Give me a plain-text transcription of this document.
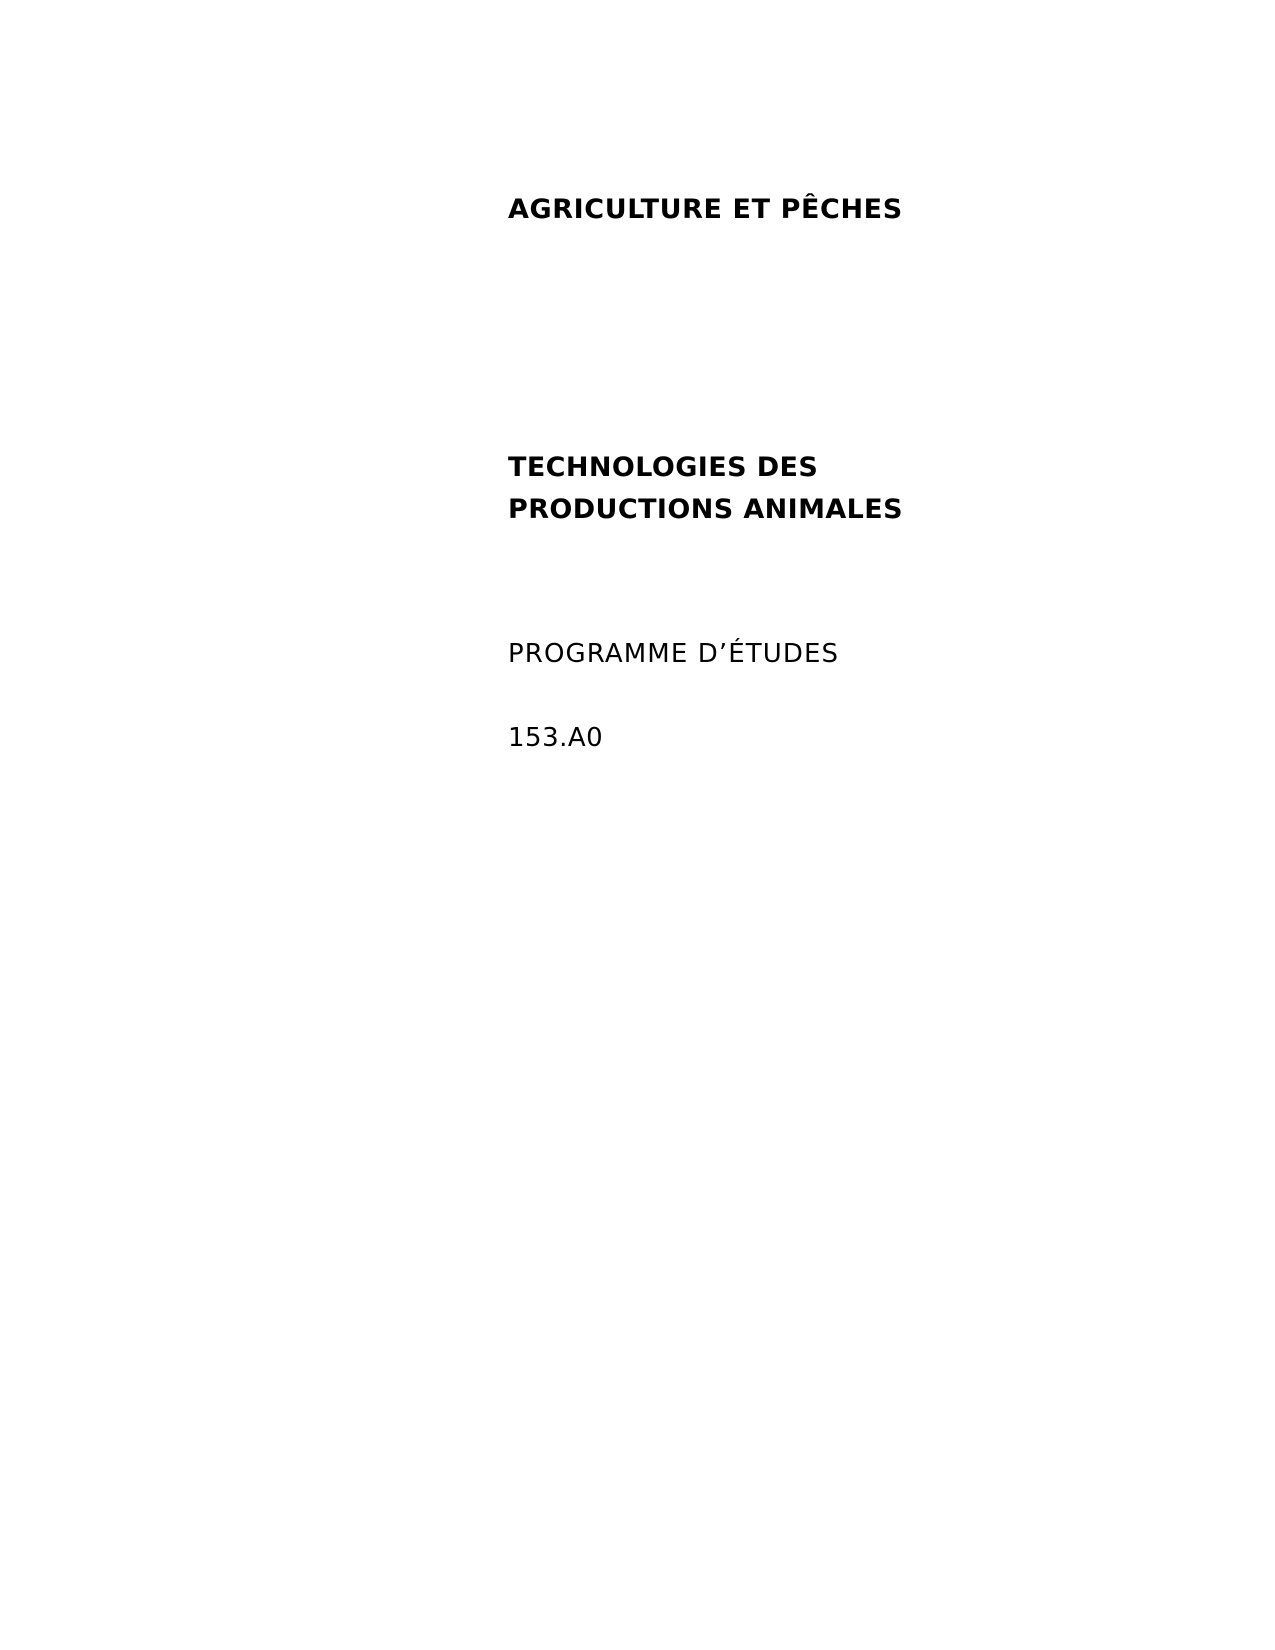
AGRICULTURE ET PÊCHES
TECHNOLOGIES DES
PRODUCTIONS ANIMALES
PROGRAMME D’ÉTUDES
153.A0
